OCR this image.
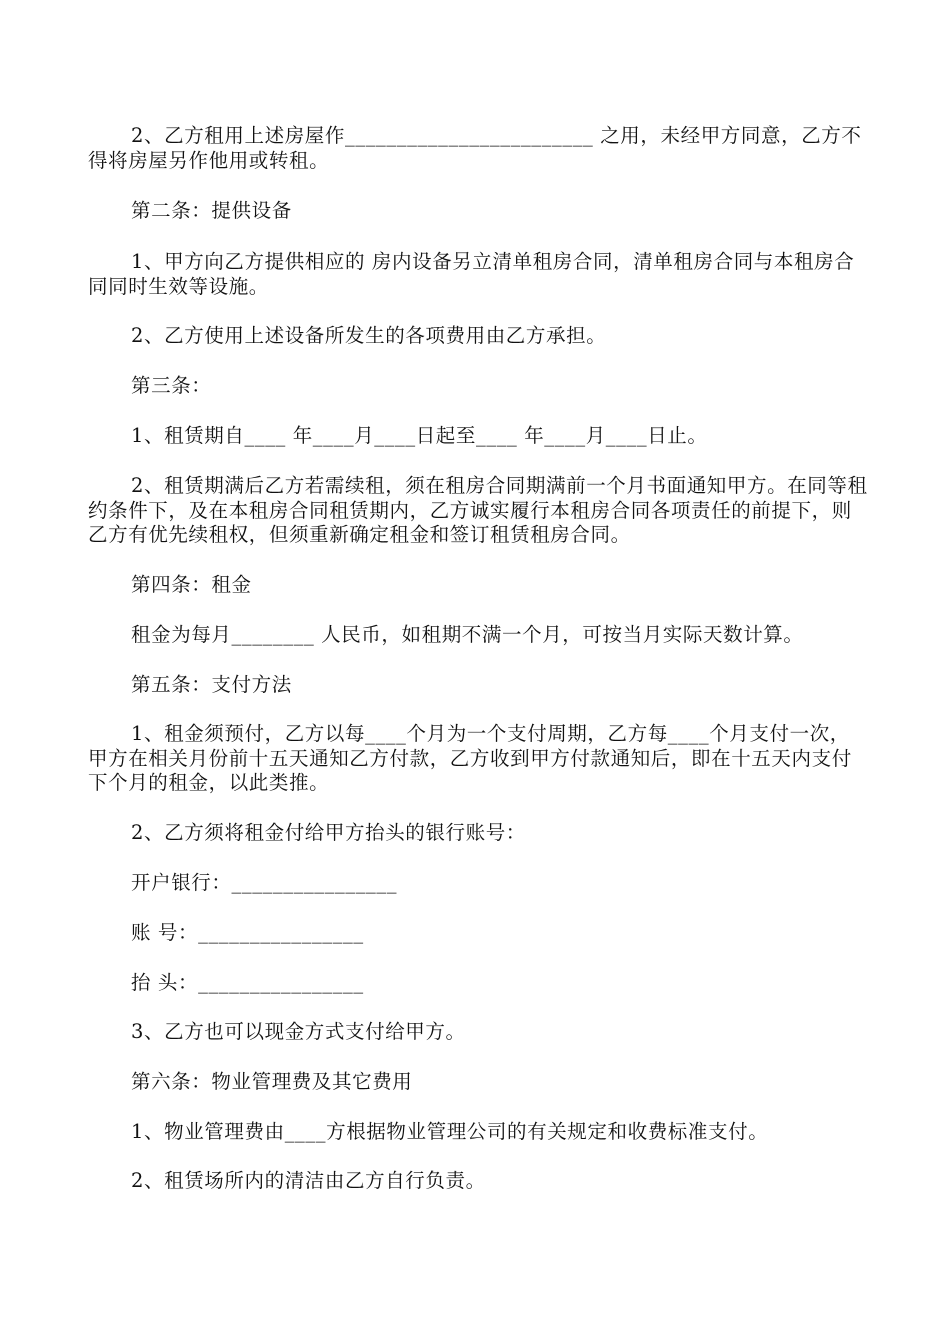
2、乙方租用上述房屋作________________________ 之用，未经甲方同意，乙方不得将房屋另作他用或转租。

第二条：提供设备

1、甲方向乙方提供相应的 房内设备另立清单租房合同，清单租房合同与本租房合同同时生效等设施。

2、乙方使用上述设备所发生的各项费用由乙方承担。

第三条：

1、租赁期自____ 年____月____日起至____ 年____月____日止。

2、租赁期满后乙方若需续租，须在租房合同期满前一个月书面通知甲方。在同等租约条件下，及在本租房合同租赁期内，乙方诚实履行本租房合同各项责任的前提下，则乙方有优先续租权，但须重新确定租金和签订租赁租房合同。

第四条：租金

租金为每月________ 人民币，如租期不满一个月，可按当月实际天数计算。

第五条：支付方法

1、租金须预付，乙方以每____个月为一个支付周期，乙方每____个月支付一次，甲方在相关月份前十五天通知乙方付款，乙方收到甲方付款通知后，即在十五天内支付下个月的租金，以此类推。

2、乙方须将租金付给甲方抬头的银行账号：

开户银行：________________

账 号：________________

抬 头：________________

3、乙方也可以现金方式支付给甲方。

第六条：物业管理费及其它费用

1、物业管理费由____方根据物业管理公司的有关规定和收费标准支付。

2、租赁场所内的清洁由乙方自行负责。
